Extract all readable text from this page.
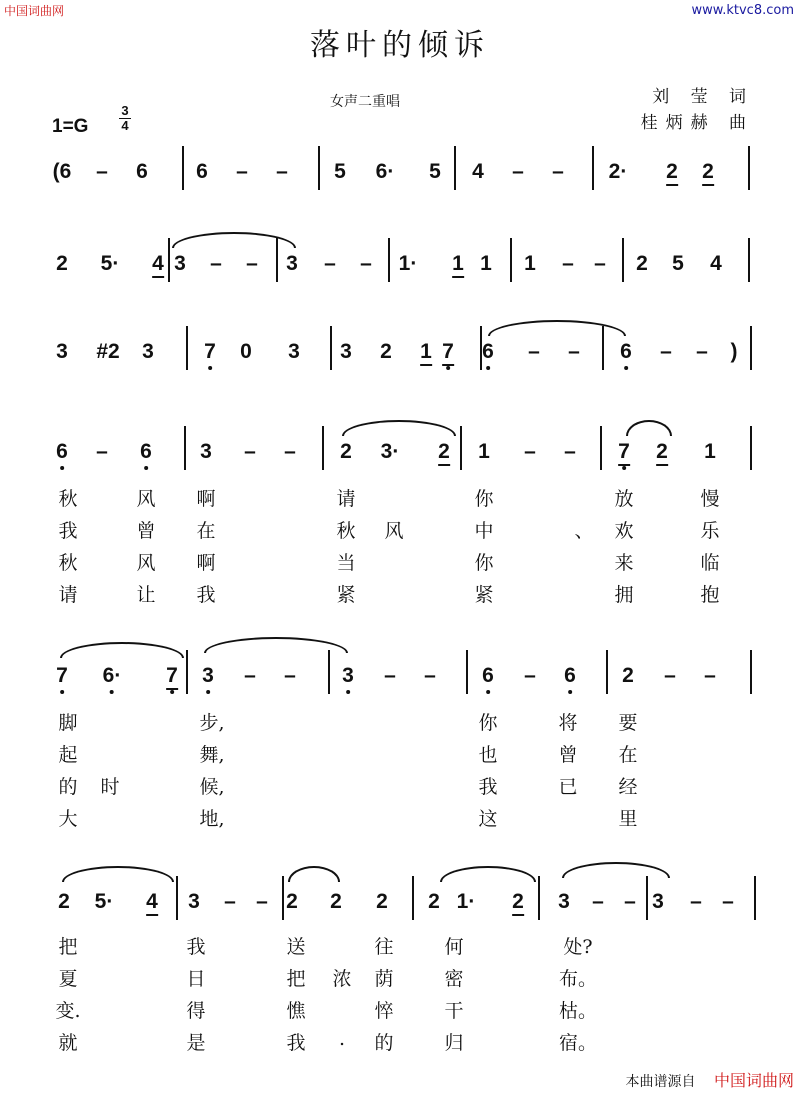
中国词曲网	www.ktvc8.com
落叶的倾诉
女声二重唱	刘 莹 词
桂炳赫 曲
1=G
3
4
(6 – 6 6 – – 5 6· 5 4 – – 2· 2 2
2 5· 4 3 – – 3 – – 1· 1 1 1 – – 2 5 4
3 #2 3 7 0 3 3 2 1 7 6 – – 6 – – )
6 – 6 3 – – 2 3· 2 1 – – 7 2 1
秋	风 啊	请	你	放	慢
我	曾 在	秋 风	中	、 欢	乐
秋	风 啊	当	你	来	临
请	让 我	紧	紧	拥	抱
7 6· 7 3 – – 3 – – 6 – 6 2 – –
脚	步,	你	将 要
起	舞,	也	曾 在
的 时	候,	我	已 经
大	地,	这	里
2 5· 4 3 – – 2 2 2 2 1· 2 3 – – 3 – –
把	我	送	往	何	处?
夏	日	把 浓 荫	密	布。
变.	得	憔	悴	干	枯。
就	是	我 . 的	归	宿。
本曲谱源自 中国词曲网
